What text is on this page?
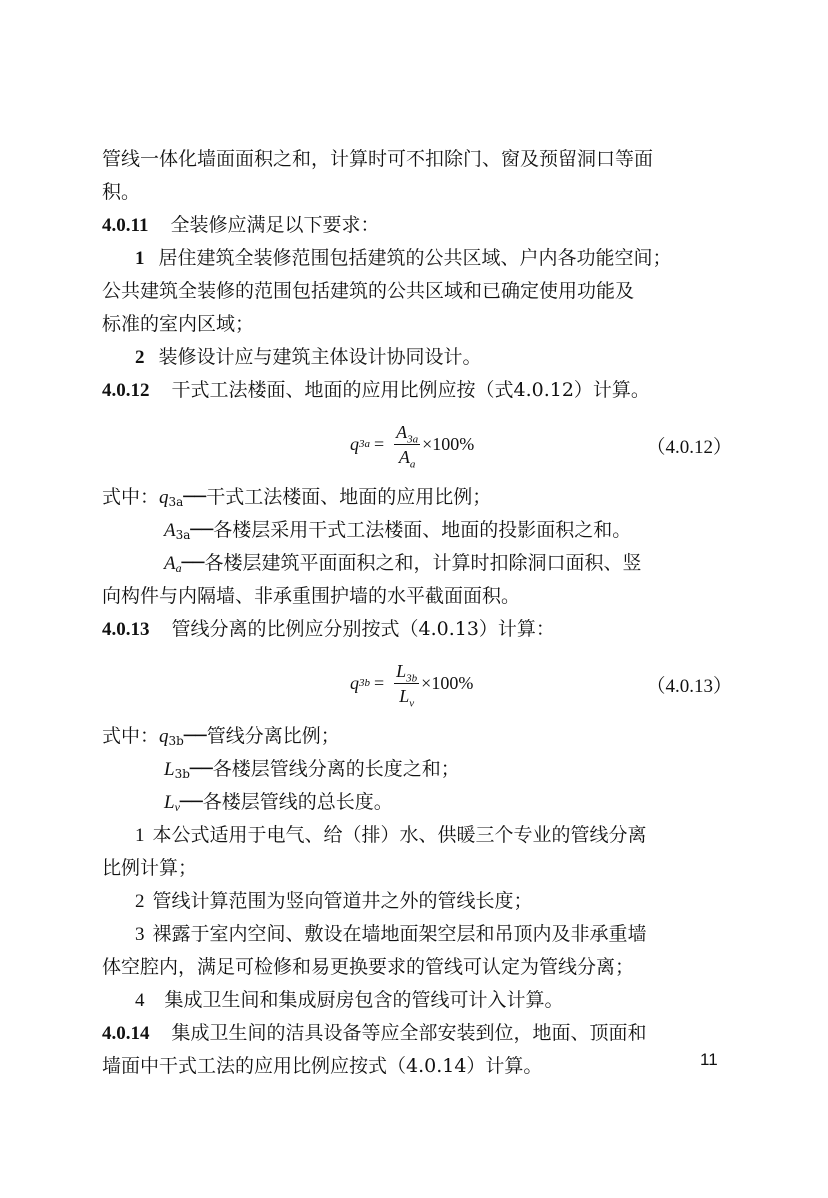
管线一体化墙面面积之和，计算时可不扣除门、窗及预留洞口等面
积。
4.0.11 全装修应满足以下要求：
1 居住建筑全装修范围包括建筑的公共区域、户内各功能空间；
公共建筑全装修的范围包括建筑的公共区域和已确定使用功能及
标准的室内区域；
2 装修设计应与建筑主体设计协同设计。
4.0.12 干式工法楼面、地面的应用比例应按（式4.0.12）计算。
q $3a = \frac{A_{3a}}{A_a} \times 100\%$	（4.0.12）
式中：q3a──干式工法楼面、地面的应用比例；
A3a──各楼层采用干式工法楼面、地面的投影面积之和。
Aa──各楼层建筑平面面积之和，计算时扣除洞口面积、竖
向构件与内隔墙、非承重围护墙的水平截面面积。
4.0.13 管线分离的比例应分别按式（4.0.13）计算：
q $3b = \frac{L_{3b}}{L_v} \times 100\%$	（4.0.13）
式中：q3b──管线分离比例；
L3b──各楼层管线分离的长度之和；
Lv──各楼层管线的总长度。
1 本公式适用于电气、给（排）水、供暖三个专业的管线分离
比例计算；
2 管线计算范围为竖向管道井之外的管线长度；
3 裸露于室内空间、敷设在墙地面架空层和吊顶内及非承重墙
体空腔内，满足可检修和易更换要求的管线可认定为管线分离；
4 集成卫生间和集成厨房包含的管线可计入计算。
4.0.14 集成卫生间的洁具设备等应全部安装到位，地面、顶面和
墙面中干式工法的应用比例应按式（4.0.14）计算。	11
